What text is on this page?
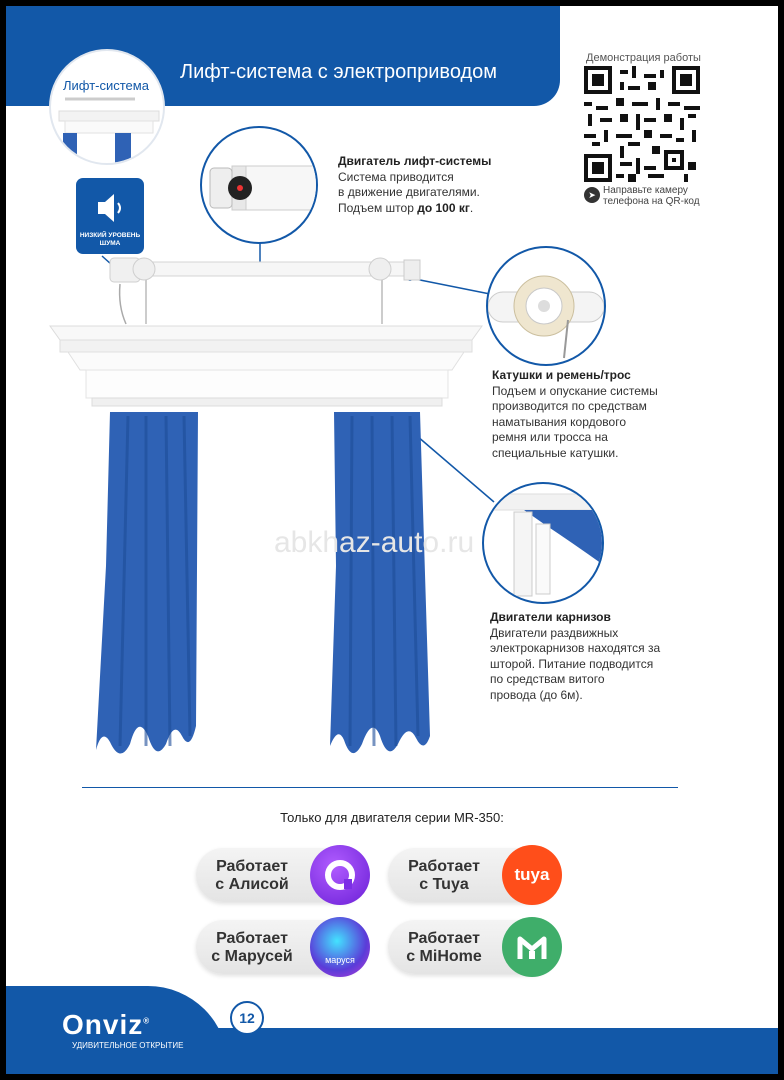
Лифт-система с электроприводом
Лифт-система
Демонстрация работы
➤ Направьте камеру
телефона на QR-код
НИЗКИЙ УРОВЕНЬ
ШУМА
Двигатель лифт-системы
Система приводится
в движение двигателями.
Подъем штор до 100 кг.
Катушки и ремень/трос
Подъем и опускание системы
производится по средствам
наматывания кордового
ремня или тросса на
специальные катушки.
Двигатели карнизов
Двигатели раздвижных
электрокарнизов находятся за
шторой. Питание подводится
по средствам витого
провода (до 6м).
abkhaz-auto.ru
Только для двигателя серии MR-350:
Работает
с Алисой
Работает
с Tuya
tuya
Работает
с Марусей	маруся
Работает
с MiHome
Onviz®
УДИВИТЕЛЬНОЕ ОТКРЫТИЕ
12
